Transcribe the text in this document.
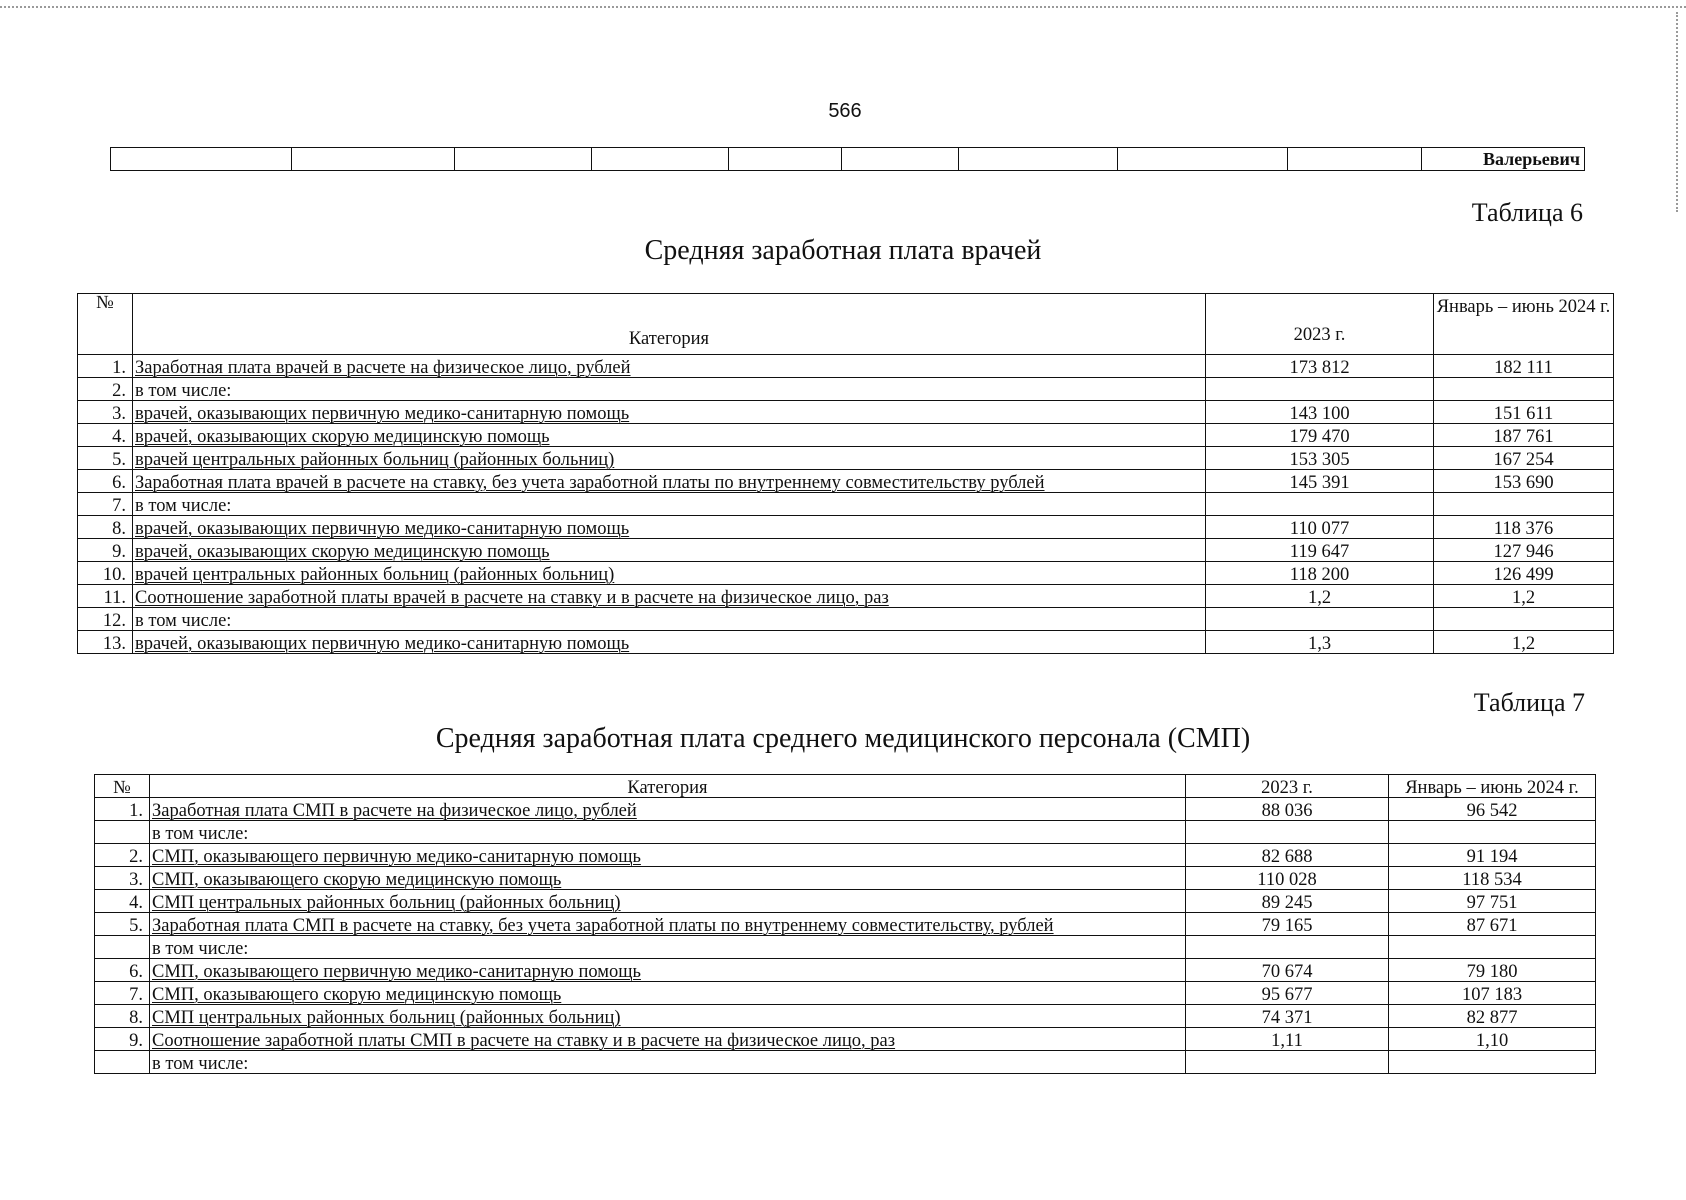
566
									Валерьевич
Таблица 6
Средняя заработная плата врачей
№	Категория	2023 г.	Январь – июнь 2024 г.
1.	Заработная плата врачей в расчете на физическое лицо, рублей	173 812	182 111
2.	в том числе:		
3.	врачей, оказывающих первичную медико-санитарную помощь	143 100	151 611
4.	врачей, оказывающих скорую медицинскую помощь	179 470	187 761
5.	врачей центральных районных больниц (районных больниц)	153 305	167 254
6.	Заработная плата врачей в расчете на ставку, без учета заработной платы по внутреннему совместительству рублей	145 391	153 690
7.	в том числе:		
8.	врачей, оказывающих первичную медико-санитарную помощь	110 077	118 376
9.	врачей, оказывающих скорую медицинскую помощь	119 647	127 946
10.	врачей центральных районных больниц (районных больниц)	118 200	126 499
11.	Соотношение заработной платы врачей в расчете на ставку и в расчете на физическое лицо, раз	1,2	1,2
12.	в том числе:		
13.	врачей, оказывающих первичную медико-санитарную помощь	1,3	1,2
Таблица 7
Средняя заработная плата среднего медицинского персонала (СМП)
№	Категория	2023 г.	Январь – июнь 2024 г.
1.	Заработная плата СМП в расчете на физическое лицо, рублей	88 036	96 542
	в том числе:		
2.	СМП, оказывающего первичную медико-санитарную помощь	82 688	91 194
3.	СМП, оказывающего скорую медицинскую помощь	110 028	118 534
4.	СМП центральных районных больниц (районных больниц)	89 245	97 751
5.	Заработная плата СМП в расчете на ставку, без учета заработной платы по внутреннему совместительству, рублей	79 165	87 671
	в том числе:		
6.	СМП, оказывающего первичную медико-санитарную помощь	70 674	79 180
7.	СМП, оказывающего скорую медицинскую помощь	95 677	107 183
8.	СМП центральных районных больниц (районных больниц)	74 371	82 877
9.	Соотношение заработной платы СМП в расчете на ставку и в расчете на физическое лицо, раз	1,11	1,10
	в том числе:		
